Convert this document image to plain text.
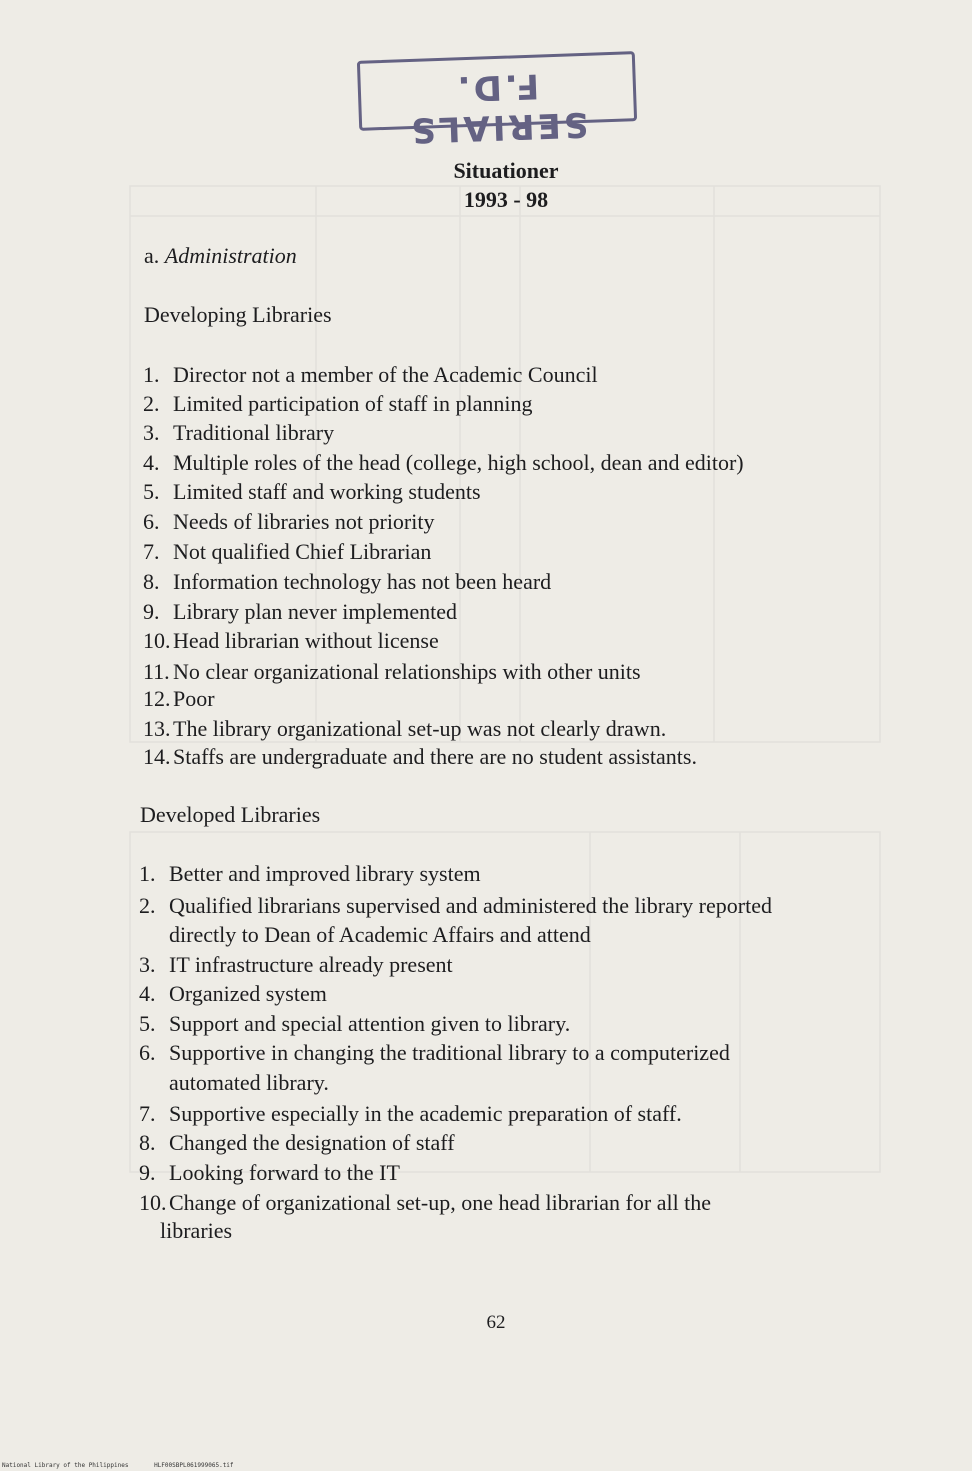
SERIALS F.D.
Situationer
1993 - 98
a. Administration
Developing Libraries
1. Director not a member of the Academic Council
2. Limited participation of staff in planning
3. Traditional library
4. Multiple roles of the head (college, high school, dean and editor)
5. Limited staff and working students
6. Needs of libraries not priority
7. Not qualified Chief Librarian
8. Information technology has not been heard
9. Library plan never implemented
10. Head librarian without license
11. No clear organizational relationships with other units
12. Poor
13. The library organizational set-up was not clearly drawn.
14. Staffs are undergraduate and there are no student assistants.
Developed Libraries
1. Better and improved library system
2. Qualified librarians supervised and administered the library reported
directly to Dean of Academic Affairs and attend
3. IT infrastructure already present
4. Organized system
5. Support and special attention given to library.
6. Supportive in changing the traditional library to a computerized
automated library.
7. Supportive especially in the academic preparation of staff.
8. Changed the designation of staff
9. Looking forward to the IT
10. Change of organizational set-up, one head librarian for all the
libraries
62
National Library of the Philippines	HLF00SBPL061999065.tif
